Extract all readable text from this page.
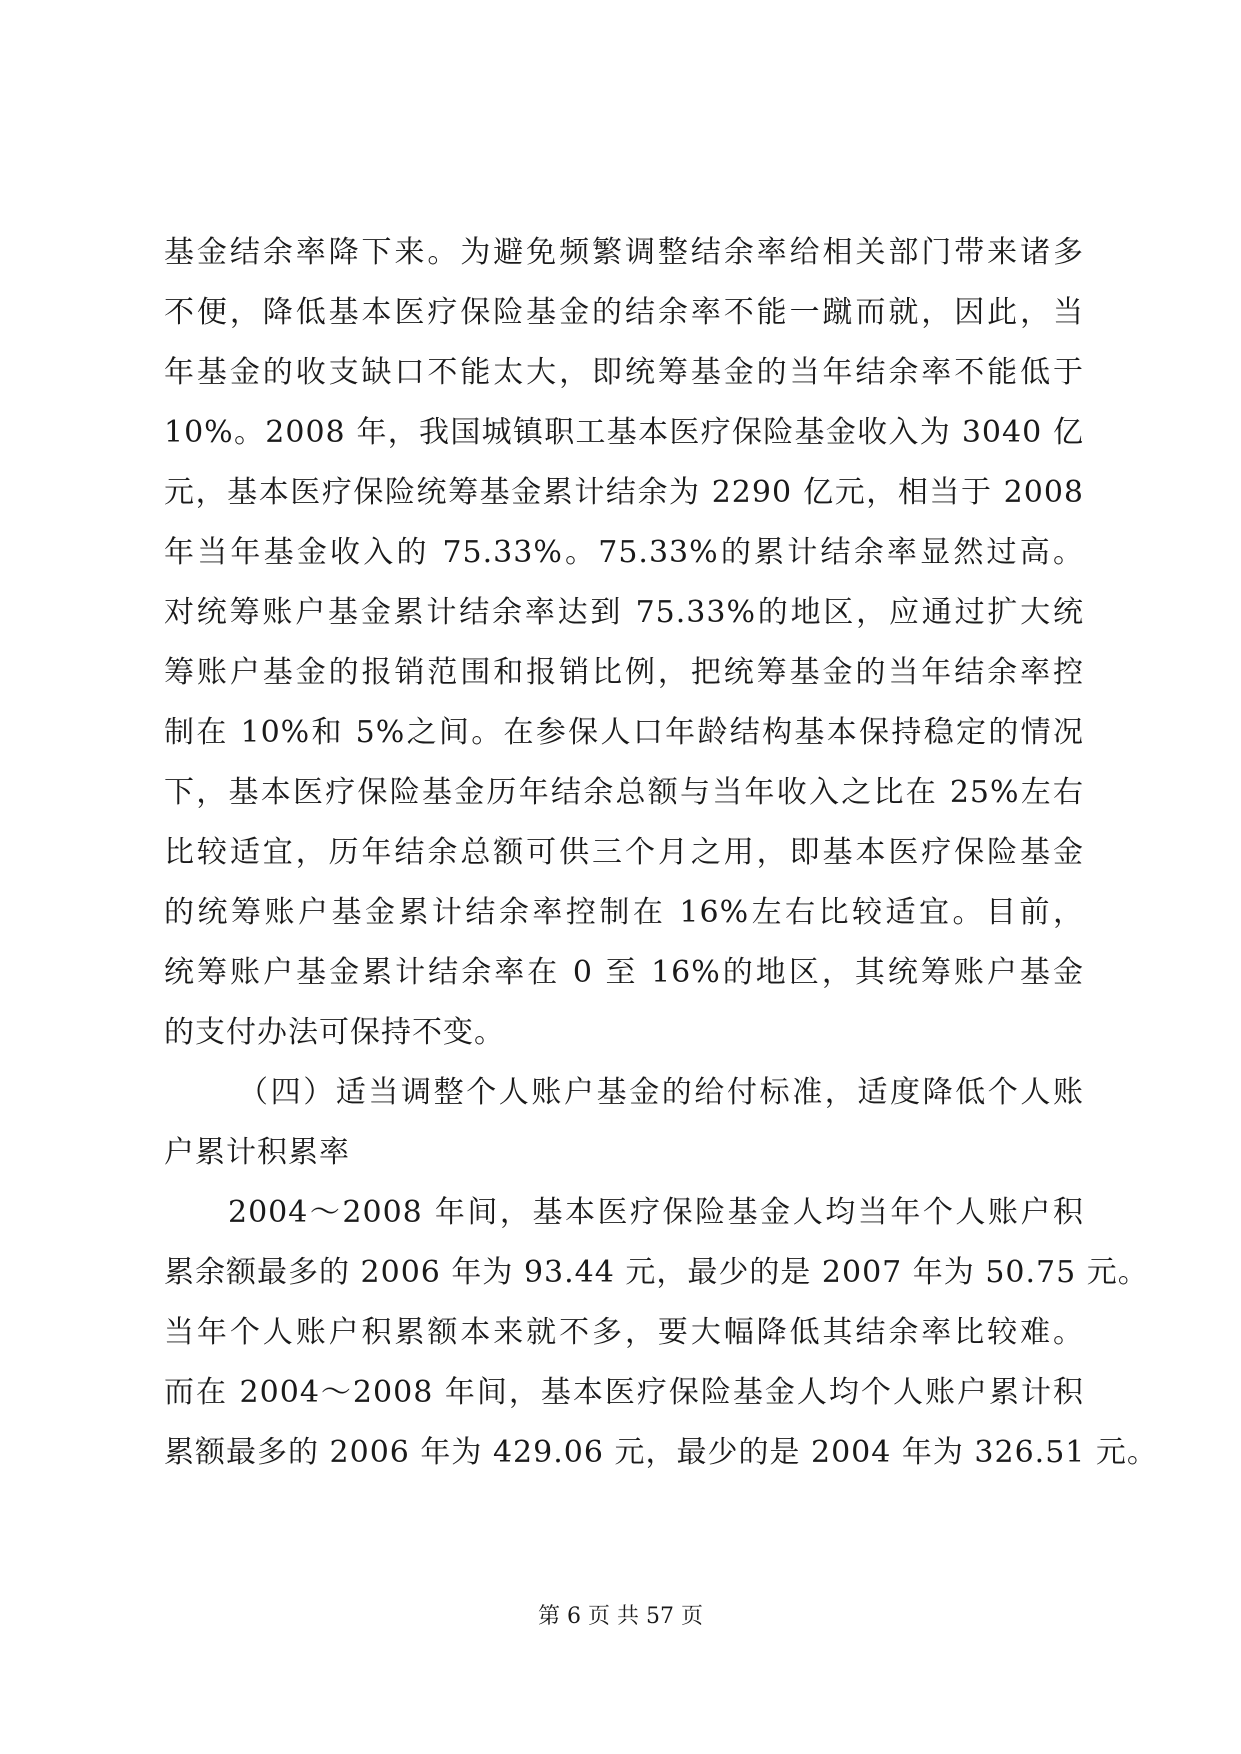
基金结余率降下来。为避免频繁调整结余率给相关部门带来诸多
不便，降低基本医疗保险基金的结余率不能一蹴而就，因此，当
年基金的收支缺口不能太大，即统筹基金的当年结余率不能低于
10%。2008 年，我国城镇职工基本医疗保险基金收入为 3040 亿
元，基本医疗保险统筹基金累计结余为 2290 亿元，相当于 2008
年当年基金收入的 75.33%。75.33%的累计结余率显然过高。
对统筹账户基金累计结余率达到 75.33%的地区，应通过扩大统
筹账户基金的报销范围和报销比例，把统筹基金的当年结余率控
制在 10%和 5%之间。在参保人口年龄结构基本保持稳定的情况
下，基本医疗保险基金历年结余总额与当年收入之比在 25%左右
比较适宜，历年结余总额可供三个月之用，即基本医疗保险基金
的统筹账户基金累计结余率控制在 16%左右比较适宜。目前，
统筹账户基金累计结余率在 0 至 16%的地区，其统筹账户基金
的支付办法可保持不变。
（四）适当调整个人账户基金的给付标准，适度降低个人账
户累计积累率
2004～2008 年间，基本医疗保险基金人均当年个人账户积
累余额最多的 2006 年为 93.44 元，最少的是 2007 年为 50.75 元。
当年个人账户积累额本来就不多，要大幅降低其结余率比较难。
而在 2004～2008 年间，基本医疗保险基金人均个人账户累计积
累额最多的 2006 年为 429.06 元，最少的是 2004 年为 326.51 元。
第 6 页 共 57 页
